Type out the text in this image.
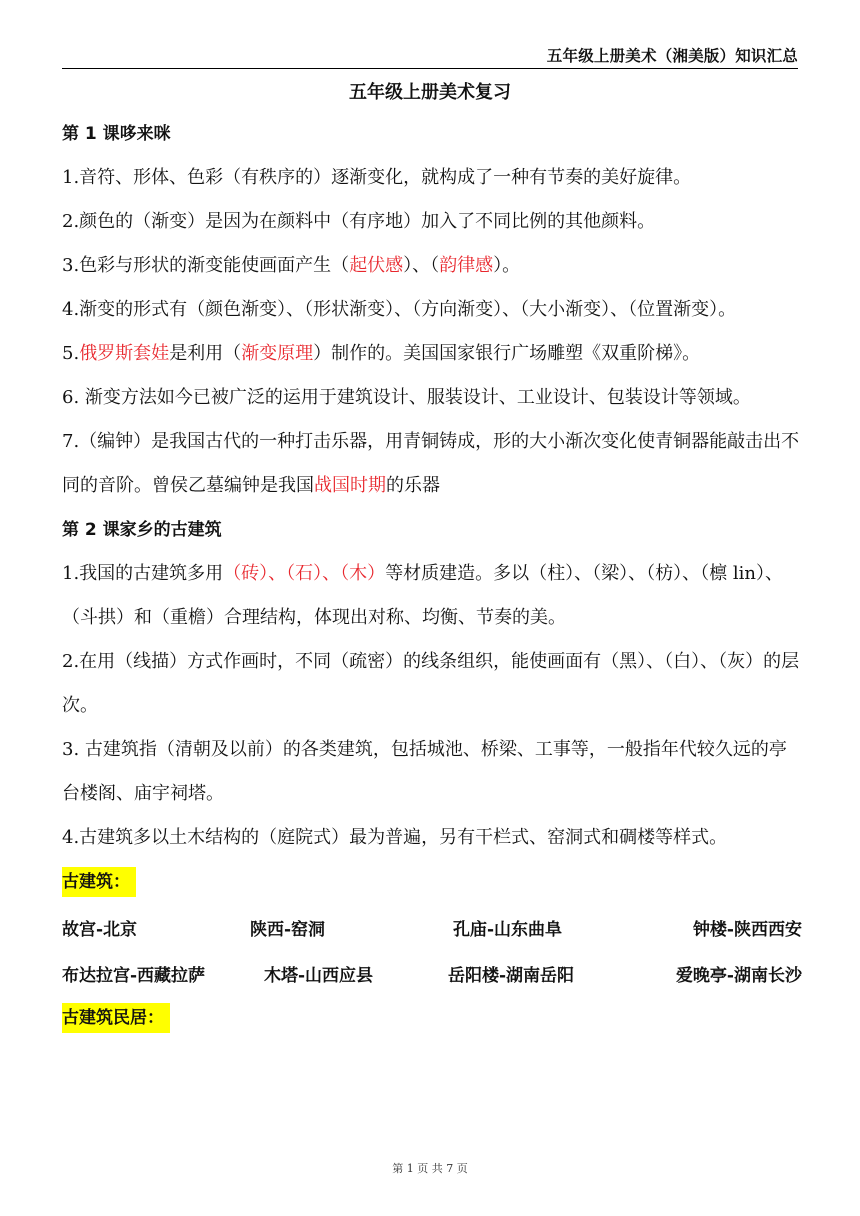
五年级上册美术（湘美版）知识汇总
五年级上册美术复习
第 1 课哆来咪
1.音符、形体、色彩（有秩序的）逐渐变化，就构成了一种有节奏的美好旋律。
2.颜色的（渐变）是因为在颜料中（有序地）加入了不同比例的其他颜料。
3.色彩与形状的渐变能使画面产生（起伏感）、（韵律感）。
4.渐变的形式有（颜色渐变）、（形状渐变）、（方向渐变）、（大小渐变）、（位置渐变）。
5.俄罗斯套娃是利用（渐变原理）制作的。美国国家银行广场雕塑《双重阶梯》。
6. 渐变方法如今已被广泛的运用于建筑设计、服装设计、工业设计、包装设计等领域。
7.（编钟）是我国古代的一种打击乐器，用青铜铸成，形的大小渐次变化使青铜器能敲击出不同的音阶。曾侯乙墓编钟是我国战国时期的乐器
第 2 课家乡的古建筑
1.我国的古建筑多用（砖）、（石）、（木）等材质建造。多以（柱）、（梁）、（枋）、（檩 lin）、（斗拱）和（重檐）合理结构，体现出对称、均衡、节奏的美。
2.在用（线描）方式作画时，不同（疏密）的线条组织，能使画面有（黑）、（白）、（灰）的层次。
3. 古建筑指（清朝及以前）的各类建筑，包括城池、桥梁、工事等，一般指年代较久远的亭台楼阁、庙宇祠塔。
4.古建筑多以土木结构的（庭院式）最为普遍，另有干栏式、窑洞式和碉楼等样式。
古建筑：
故宫-北京	陕西-窑洞	孔庙-山东曲阜	钟楼-陕西西安
布达拉宫-西藏拉萨	木塔-山西应县	岳阳楼-湖南岳阳	爱晚亭-湖南长沙
古建筑民居：
第 1 页 共 7 页
